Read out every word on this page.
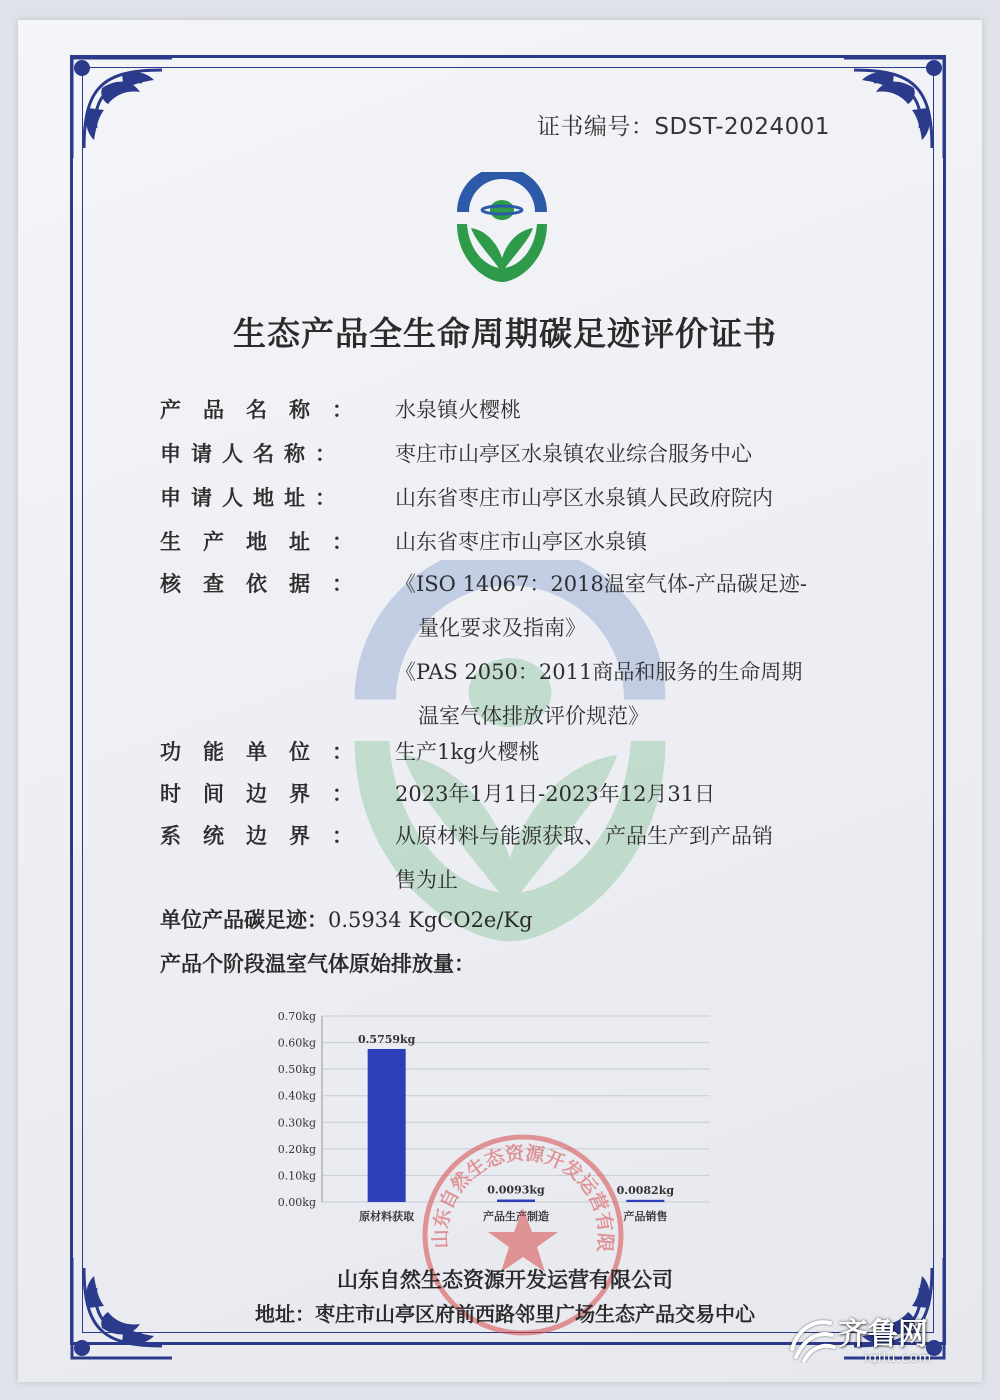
证书编号：SDST-2024001
生态产品全生命周期碳足迹评价证书
产品名称： 水泉镇火樱桃
申请人名称：	枣庄市山亭区水泉镇农业综合服务中心
申请人地址：	山东省枣庄市山亭区水泉镇人民政府院内
生产地址： 山东省枣庄市山亭区水泉镇
核查依据： 《ISO 14067：2018温室气体-产品碳足迹-
量化要求及指南》
《PAS 2050：2011商品和服务的生命周期
温室气体排放评价规范》
功能单位： 生产1kg火樱桃
时间边界： 2023年1月1日-2023年12月31日
系统边界： 从原材料与能源获取、产品生产到产品销
售为止
单位产品碳足迹：0.5934 KgCO2e/Kg
产品个阶段温室气体原始排放量：
0.00kg
0.10kg
0.20kg
0.30kg
0.40kg
0.50kg
0.60kg
0.70kg
0.5759kg
原材料获取
0.0093kg
产品生产制造
0.0082kg
产品销售
山东自然生态资源开发运营有限
山东自然生态资源开发运营有限公司
地址：枣庄市山亭区府前西路邻里广场生态产品交易中心
齐鲁网
iqilu.com
